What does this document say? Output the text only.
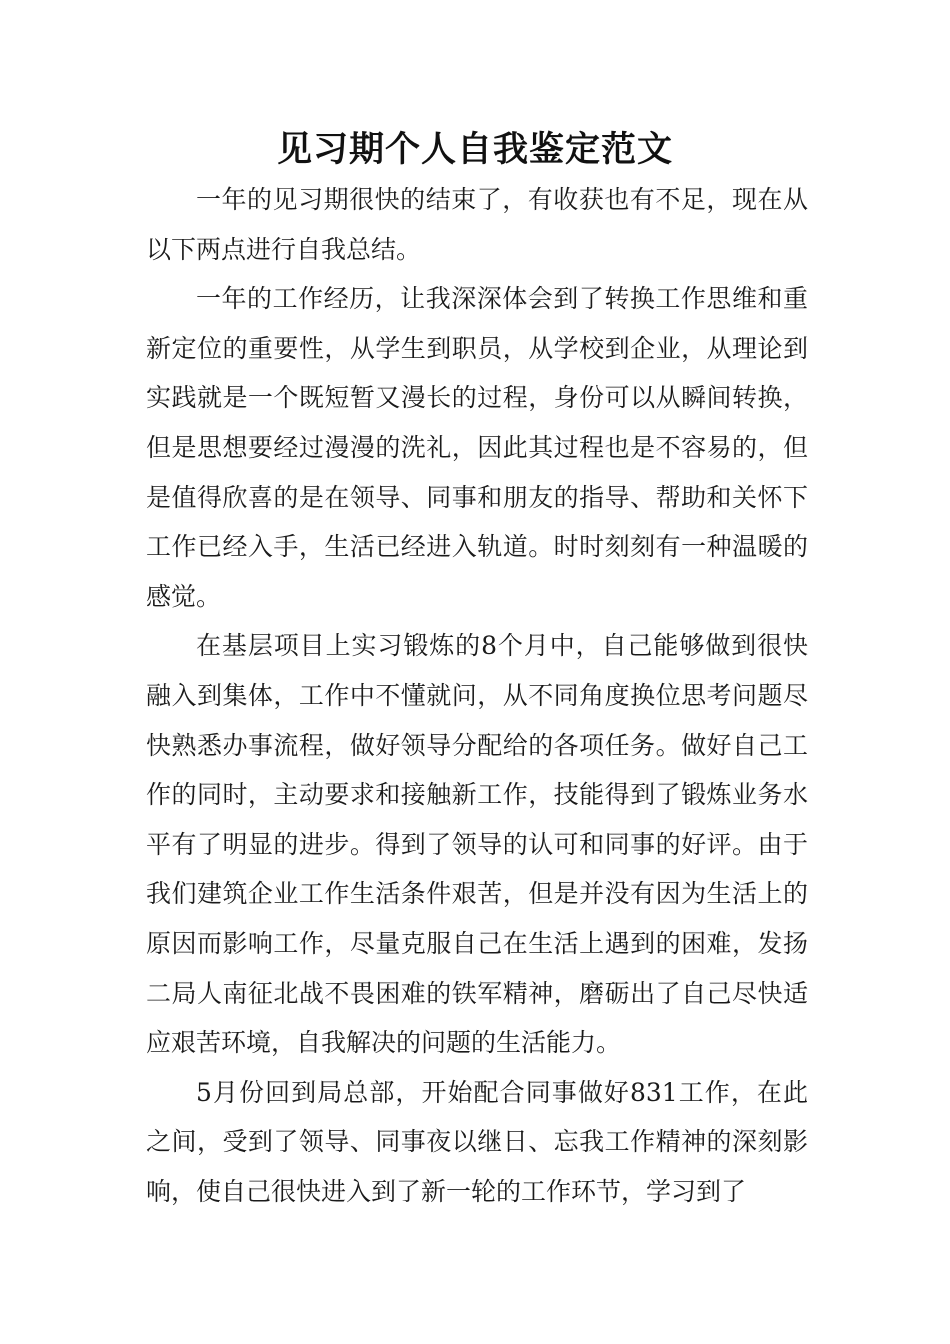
见习期个人自我鉴定范文

一年的见习期很快的结束了，有收获也有不足，现在从以下两点进行自我总结。

一年的工作经历，让我深深体会到了转换工作思维和重新定位的重要性，从学生到职员，从学校到企业，从理论到实践就是一个既短暂又漫长的过程，身份可以从瞬间转换，但是思想要经过漫漫的洗礼，因此其过程也是不容易的，但是值得欣喜的是在领导、同事和朋友的指导、帮助和关怀下工作已经入手，生活已经进入轨道。时时刻刻有一种温暖的感觉。

在基层项目上实习锻炼的8个月中，自己能够做到很快融入到集体，工作中不懂就问，从不同角度换位思考问题尽快熟悉办事流程，做好领导分配给的各项任务。做好自己工作的同时，主动要求和接触新工作，技能得到了锻炼业务水平有了明显的进步。得到了领导的认可和同事的好评。由于我们建筑企业工作生活条件艰苦，但是并没有因为生活上的原因而影响工作，尽量克服自己在生活上遇到的困难，发扬二局人南征北战不畏困难的铁军精神，磨砺出了自己尽快适应艰苦环境，自我解决的问题的生活能力。

5月份回到局总部，开始配合同事做好831工作，在此之间，受到了领导、同事夜以继日、忘我工作精神的深刻影响，使自己很快进入到了新一轮的工作环节，学习到了
